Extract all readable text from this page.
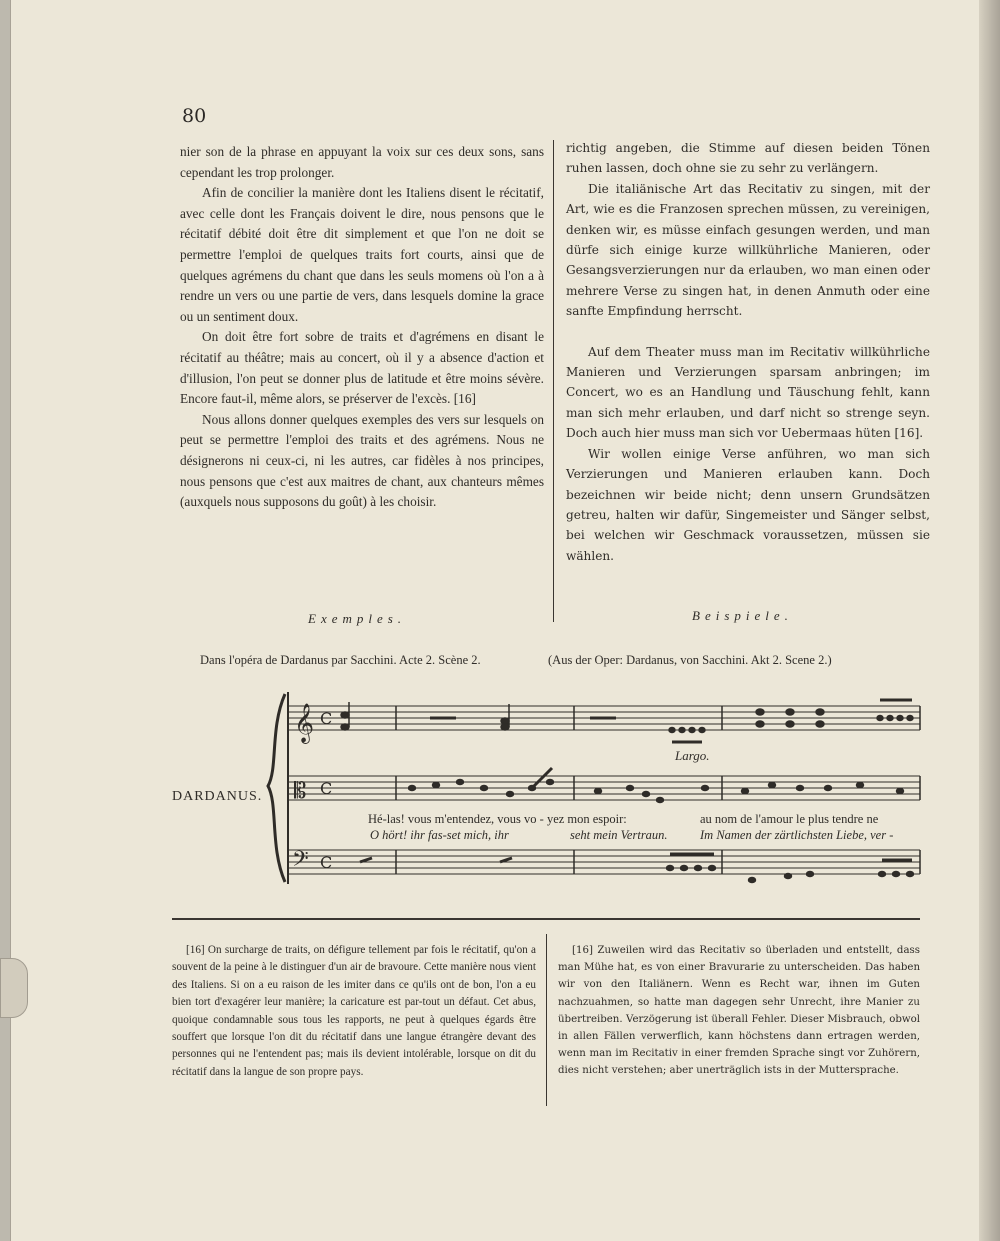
80

nier son de la phrase en appuyant la voix sur ces deux sons, sans cependant les trop prolonger.

Afin de concilier la manière dont les Italiens disent le récitatif, avec celle dont les Français doivent le dire, nous pensons que le récitatif débité doit être dit simplement et que l'on ne doit se permettre l'emploi de quelques traits fort courts, ainsi que de quelques agrémens du chant que dans les seuls momens où l'on a à rendre un vers ou une partie de vers, dans lesquels domine la grace ou un sentiment doux.

On doit être fort sobre de traits et d'agrémens en disant le récitatif au théâtre; mais au concert, où il y a absence d'action et d'illusion, l'on peut se donner plus de latitude et être moins sévère. Encore faut-il, même alors, se préserver de l'excès. [16]

Nous allons donner quelques exemples des vers sur lesquels on peut se permettre l'emploi des traits et des agrémens. Nous ne désignerons ni ceux-ci, ni les autres, car fidèles à nos principes, nous pensons que c'est aux maitres de chant, aux chanteurs mêmes (auxquels nous supposons du goût) à les choisir.

richtig angeben, die Stimme auf diesen beiden Tönen ruhen lassen, doch ohne sie zu sehr zu verlängern.

Die italiänische Art das Recitativ zu singen, mit der Art, wie es die Franzosen sprechen müssen, zu vereinigen, denken wir, es müsse einfach gesungen werden, und man dürfe sich einige kurze willkührliche Manieren, oder Gesangsverzierungen nur da erlauben, wo man einen oder mehrere Verse zu singen hat, in denen Anmuth oder eine sanfte Empfindung herrscht.

Auf dem Theater muss man im Recitativ willkührliche Manieren und Verzierungen sparsam anbringen; im Concert, wo es an Handlung und Täuschung fehlt, kann man sich mehr erlauben, und darf nicht so strenge seyn. Doch auch hier muss man sich vor Uebermaas hüten [16].

Wir wollen einige Verse anführen, wo man sich Verzierungen und Manieren erlauben kann. Doch bezeichnen wir beide nicht; denn unsern Grundsätzen getreu, halten wir dafür, Singemeister und Sänger selbst, bei welchen wir Geschmack voraussetzen, müssen sie wählen.

Exemples.	Beispiele.
Dans l'opéra de Dardanus par Sacchini. Acte 2. Scène 2.	(Aus der Oper: Dardanus, von Sacchini. Akt 2. Scene 2.)
DARDANUS.
Largo.
𝄞
𝄡
𝄢
C
C
C
Hé-las! vous m'entendez, vous vo - yez mon espoir:	au nom de l'amour le plus tendre ne
O hört! ihr fas-set mich, ihr	seht mein Vertraun.	Im Namen der zärtlichsten Liebe, ver -

[16] On surcharge de traits, on défigure tellement par fois le récitatif, qu'on a souvent de la peine à le distinguer d'un air de bravoure. Cette manière nous vient des Italiens. Si on a eu raison de les imiter dans ce qu'ils ont de bon, l'on a eu bien tort d'exagérer leur manière; la caricature est par-tout un défaut. Cet abus, quoique condamnable sous tous les rapports, ne peut à quelques égards être souffert que lorsque l'on dit du récitatif dans une langue étrangère devant des personnes qui ne l'entendent pas; mais ils devient intolérable, lorsque on dit du récitatif dans la langue de son propre pays.

[16] Zuweilen wird das Recitativ so überladen und entstellt, dass man Mühe hat, es von einer Bravurarie zu unterscheiden. Das haben wir von den Italiänern. Wenn es Recht war, ihnen im Guten nachzuahmen, so hatte man dagegen sehr Unrecht, ihre Manier zu übertreiben. Verzögerung ist überall Fehler. Dieser Misbrauch, obwol in allen Fällen verwerflich, kann höchstens dann ertragen werden, wenn man im Recitativ in einer fremden Sprache singt vor Zuhörern, dies nicht verstehen; aber unerträglich ists in der Muttersprache.
